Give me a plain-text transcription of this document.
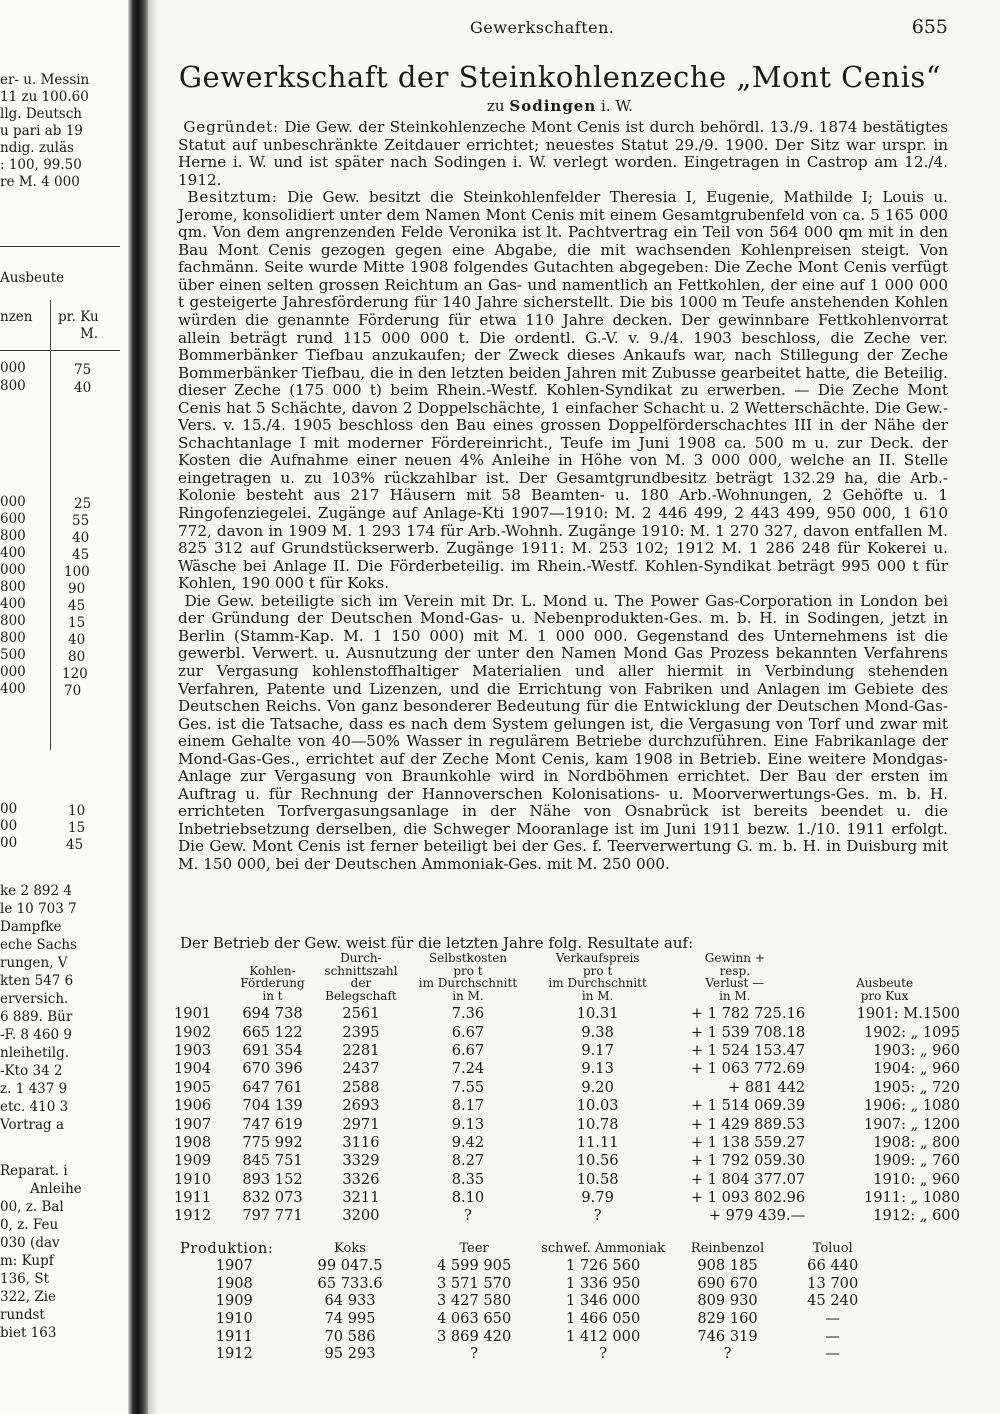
er- u. Messin
11 zu 100.60
llg. Deutsch
u pari ab 19
ndig. zuläs
: 100, 99.50
re M. 4 000
Ausbeute
nzen pr. Ku
M.
000	75
800	40
000	25
600	55
800	40
400	45
000	100
800	90
400	45
800	15
800	40
500	80
000	120
400	70
00	10
00	15
00	45
ke 2 892 4
le 10 703 7
Dampfke
eche Sachs
rungen, V
kten 547 6
erversich.
6 889. Bür
-F. 8 460 9
nleihetilg.
-Kto 34 2
z. 1 437 9
etc. 410 3
Vortrag a
Reparat. i
Anleihe
00, z. Bal
0, z. Feu
030 (dav
m: Kupf
136, St
322, Zie
rundst
biet 163
Gewerkschaften.	655
Gewerkschaft der Steinkohlenzeche „Mont Cenis“
zu Sodingen i. W.

Gegründet: Die Gew. der Steinkohlenzeche Mont Cenis ist durch behördl. 13./9. 1874 bestätigtes Statut auf unbeschränkte Zeitdauer errichtet; neuestes Statut 29./9. 1900. Der Sitz war urspr. in Herne i. W. und ist später nach Sodingen i. W. verlegt worden. Eingetragen in Castrop am 12./4. 1912.

Besitztum: Die Gew. besitzt die Steinkohlenfelder Theresia I, Eugenie, Mathilde I; Louis u. Jerome, konsolidiert unter dem Namen Mont Cenis mit einem Gesamtgrubenfeld von ca. 5 165 000 qm. Von dem angrenzenden Felde Veronika ist lt. Pachtvertrag ein Teil von 564 000 qm mit in den Bau Mont Cenis gezogen gegen eine Abgabe, die mit wachsenden Kohlenpreisen steigt. Von fachmänn. Seite wurde Mitte 1908 folgendes Gutachten abgegeben: Die Zeche Mont Cenis verfügt über einen selten grossen Reichtum an Gas- und namentlich an Fettkohlen, der eine auf 1 000 000 t gesteigerte Jahresförderung für 140 Jahre sicherstellt. Die bis 1000 m Teufe anstehenden Kohlen würden die genannte Förderung für etwa 110 Jahre decken. Der gewinnbare Fettkohlenvorrat allein beträgt rund 115 000 000 t. Die ordentl. G.-V. v. 9./4. 1903 beschloss, die Zeche ver. Bommerbänker Tiefbau anzukaufen; der Zweck dieses Ankaufs war, nach Stillegung der Zeche Bommerbänker Tiefbau, die in den letzten beiden Jahren mit Zubusse gearbeitet hatte, die Beteilig. dieser Zeche (175 000 t) beim Rhein.-Westf. Kohlen-Syndikat zu erwerben. — Die Zeche Mont Cenis hat 5 Schächte, davon 2 Doppelschächte, 1 einfacher Schacht u. 2 Wetterschächte. Die Gew.-Vers. v. 15./4. 1905 beschloss den Bau eines grossen Doppelförderschachtes III in der Nähe der Schachtanlage I mit moderner Fördereinricht., Teufe im Juni 1908 ca. 500 m u. zur Deck. der Kosten die Aufnahme einer neuen 4% Anleihe in Höhe von M. 3 000 000, welche an II. Stelle eingetragen u. zu 103% rückzahlbar ist. Der Gesamtgrundbesitz beträgt 132.29 ha, die Arb.-Kolonie besteht aus 217 Häusern mit 58 Beamten- u. 180 Arb.-Wohnungen, 2 Gehöfte u. 1 Ringofenziegelei. Zugänge auf Anlage-Kti 1907—1910: M. 2 446 499, 2 443 499, 950 000, 1 610 772, davon in 1909 M. 1 293 174 für Arb.-Wohnh. Zugänge 1910: M. 1 270 327, davon entfallen M. 825 312 auf Grundstückserwerb. Zugänge 1911: M. 253 102; 1912 M. 1 286 248 für Kokerei u. Wäsche bei Anlage II. Die Förderbeteilig. im Rhein.-Westf. Kohlen-Syndikat beträgt 995 000 t für Kohlen, 190 000 t für Koks.

Die Gew. beteiligte sich im Verein mit Dr. L. Mond u. The Power Gas-Corporation in London bei der Gründung der Deutschen Mond-Gas- u. Nebenprodukten-Ges. m. b. H. in Sodingen, jetzt in Berlin (Stamm-Kap. M. 1 150 000) mit M. 1 000 000. Gegenstand des Unternehmens ist die gewerbl. Verwert. u. Ausnutzung der unter den Namen Mond Gas Prozess bekannten Verfahrens zur Vergasung kohlenstoffhaltiger Materialien und aller hiermit in Verbindung stehenden Verfahren, Patente und Lizenzen, und die Errichtung von Fabriken und Anlagen im Gebiete des Deutschen Reichs. Von ganz besonderer Bedeutung für die Entwicklung der Deutschen Mond-Gas-Ges. ist die Tatsache, dass es nach dem System gelungen ist, die Vergasung von Torf und zwar mit einem Gehalte von 40—50% Wasser in regulärem Betriebe durchzuführen. Eine Fabrikanlage der Mond-Gas-Ges., errichtet auf der Zeche Mont Cenis, kam 1908 in Betrieb. Eine weitere Mondgas-Anlage zur Vergasung von Braunkohle wird in Nordböhmen errichtet. Der Bau der ersten im Auftrag u. für Rechnung der Hannoverschen Kolonisations- u. Moorverwertungs-Ges. m. b. H. errichteten Torfvergasungsanlage in der Nähe von Osnabrück ist bereits beendet u. die Inbetriebsetzung derselben, die Schweger Mooranlage ist im Juni 1911 bezw. 1./10. 1911 erfolgt. Die Gew. Mont Cenis ist ferner beteiligt bei der Ges. f. Teerverwertung G. m. b. H. in Duisburg mit M. 150 000, bei der Deutschen Ammoniak-Ges. mit M. 250 000.

Der Betrieb der Gew. weist für die letzten Jahre folg. Resultate auf:
	Kohlen-
Förderung
in t	Durch-
schnittszahl
der
Belegschaft	Selbstkosten
pro t
im Durchschnitt
in M.	Verkaufspreis
pro t
im Durchschnitt
in M.	Gewinn +
resp.
Verlust —
in M.	Ausbeute
pro Kux
1901	694 738	2561	7.36	10.31	+ 1 782 725.16	1901: M.1500
1902	665 122	2395	6.67	9.38	+ 1 539 708.18	1902: „ 1095
1903	691 354	2281	6.67	9.17	+ 1 524 153.47	1903: „ 960
1904	670 396	2437	7.24	9.13	+ 1 063 772.69	1904: „ 960
1905	647 761	2588	7.55	9.20	+ 881 442	1905: „ 720
1906	704 139	2693	8.17	10.03	+ 1 514 069.39	1906: „ 1080
1907	747 619	2971	9.13	10.78	+ 1 429 889.53	1907: „ 1200
1908	775 992	3116	9.42	11.11	+ 1 138 559.27	1908: „ 800
1909	845 751	3329	8.27	10.56	+ 1 792 059.30	1909: „ 760
1910	893 152	3326	8.35	10.58	+ 1 804 377.07	1910: „ 960
1911	832 073	3211	8.10	9.79	+ 1 093 802.96	1911: „ 1080
1912	797 771	3200	?	?	+ 979 439.—	1912: „ 600
Produktion:	Koks	Teer	schwef. Ammoniak	Reinbenzol	Toluol
1907	99 047.5	4 599 905	1 726 560	908 185	66 440
1908	65 733.6	3 571 570	1 336 950	690 670	13 700
1909	64 933	3 427 580	1 346 000	809 930	45 240
1910	74 995	4 063 650	1 466 050	829 160	—
1911	70 586	3 869 420	1 412 000	746 319	—
1912	95 293	?	?	?	—
